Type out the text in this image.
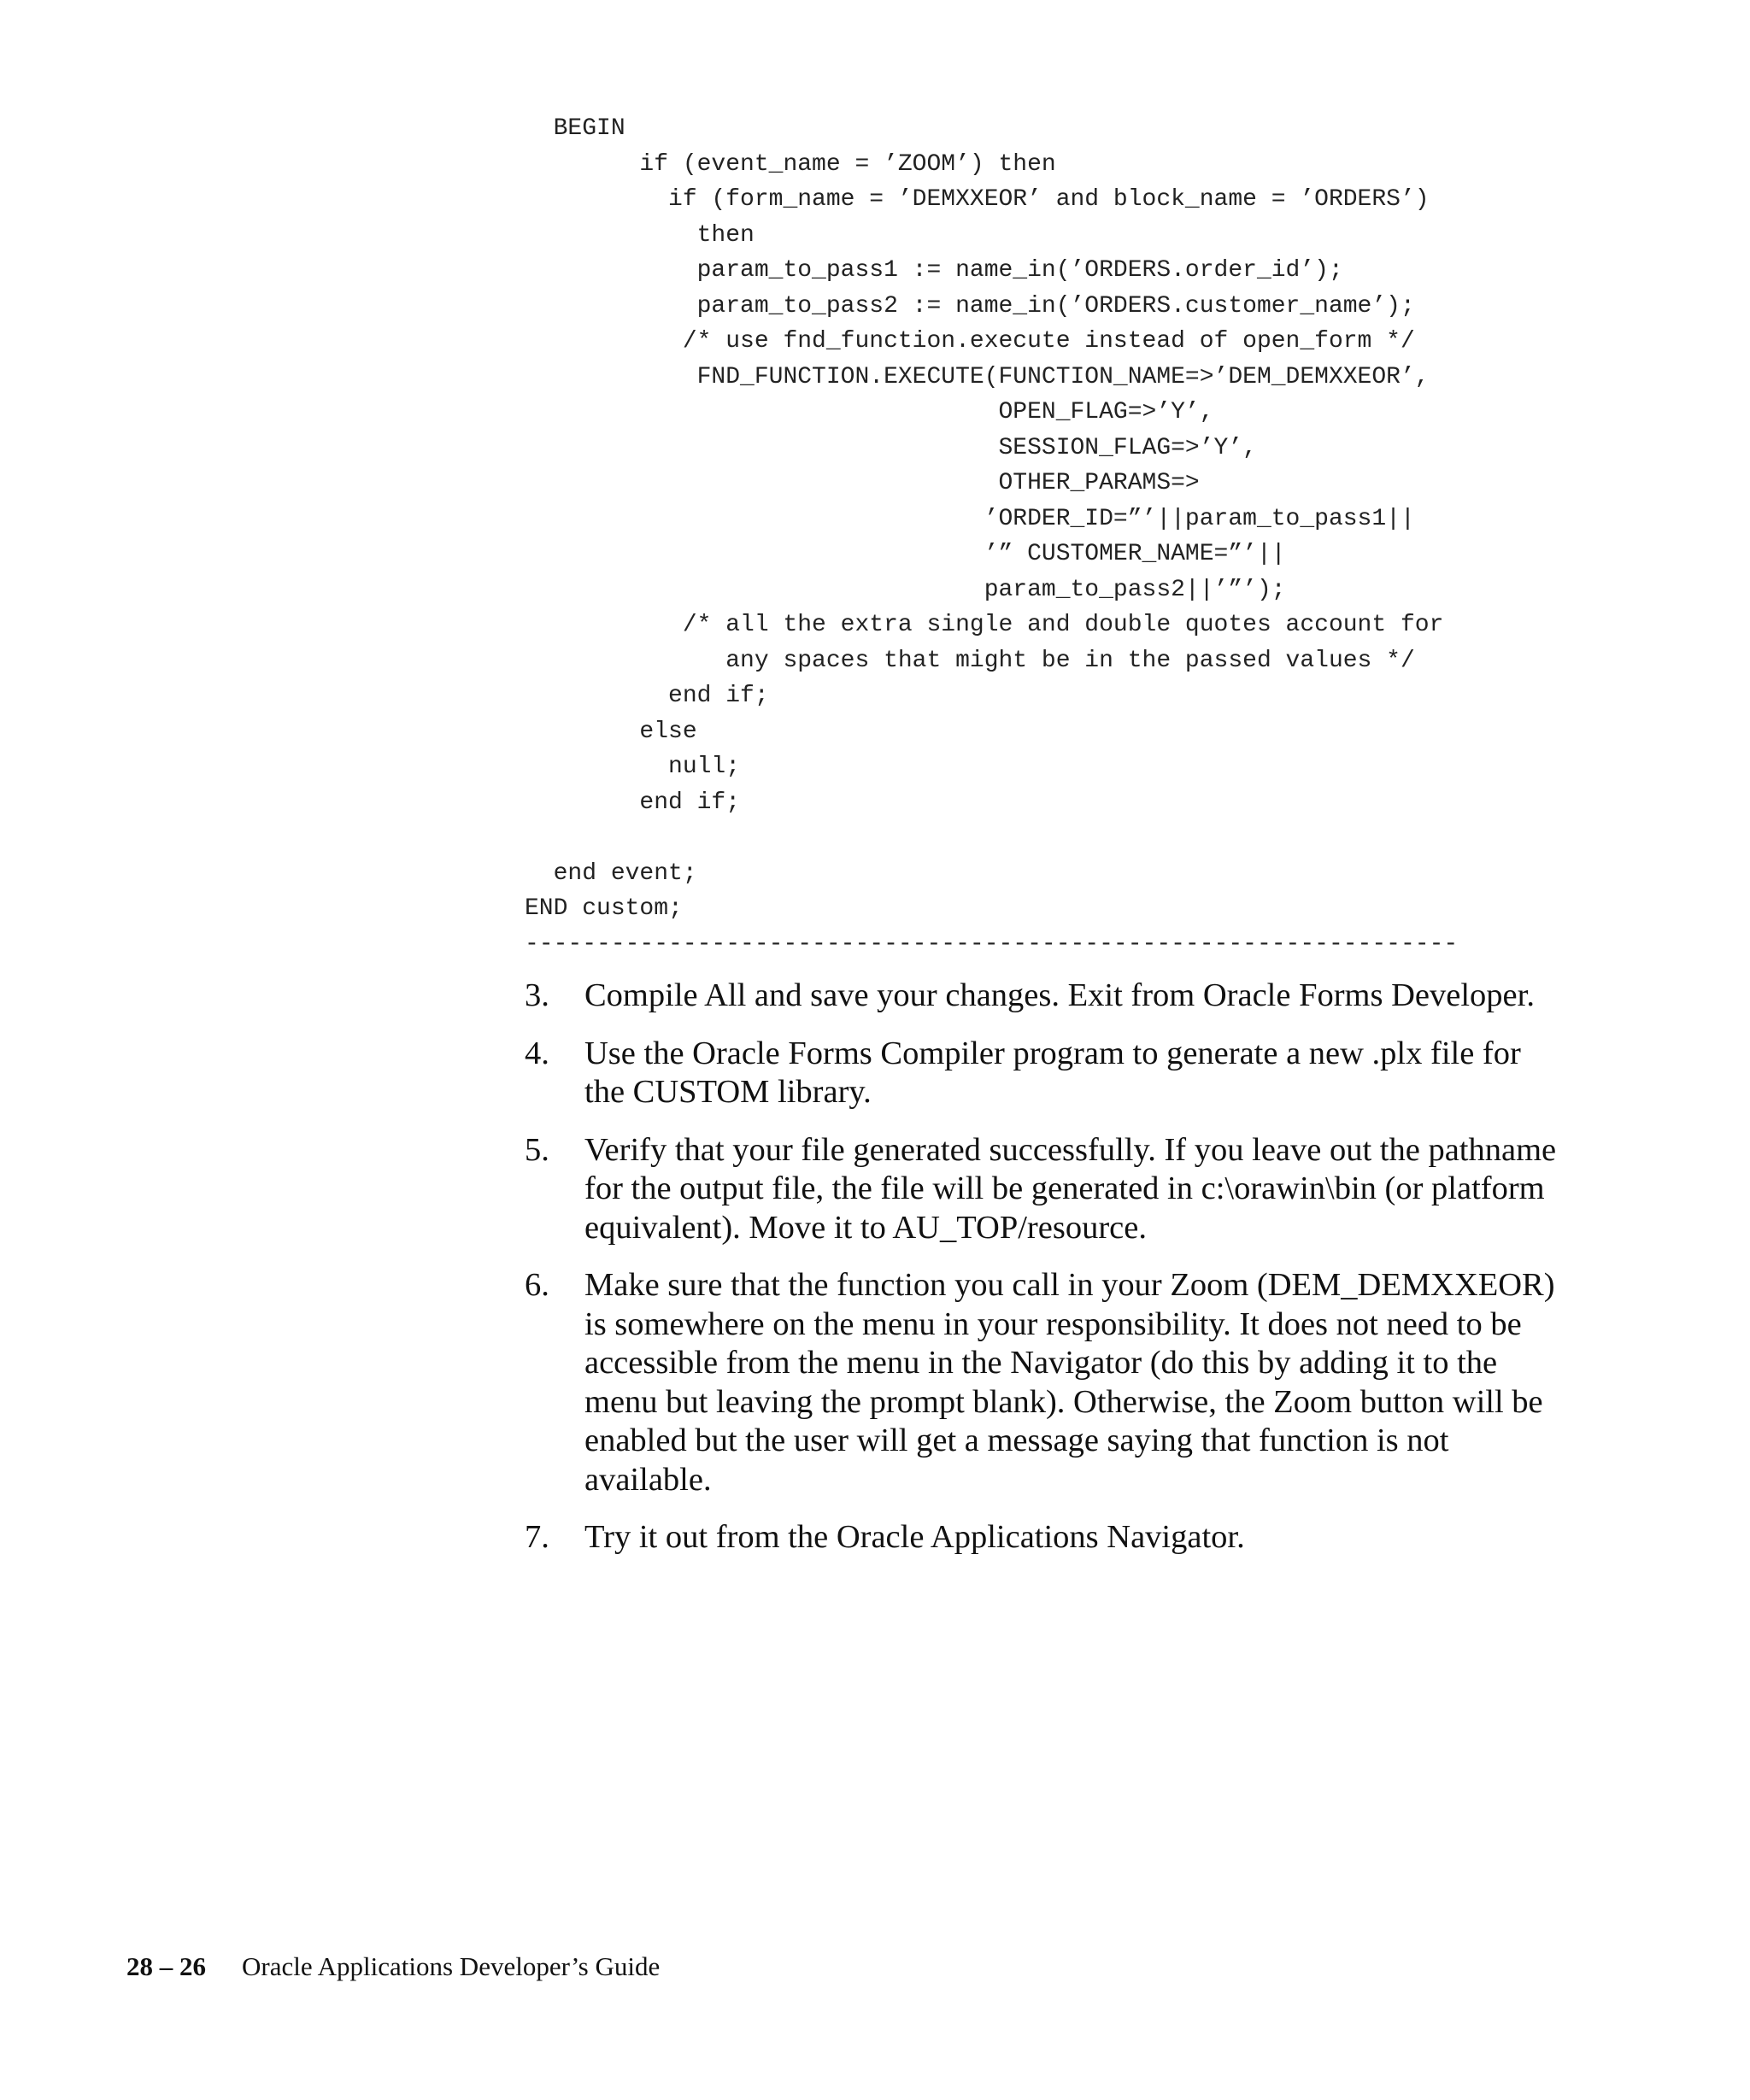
BEGIN
if (event_name = ’ZOOM’) then
if (form_name = ’DEMXXEOR’ and block_name = ’ORDERS’)
then
param_to_pass1 := name_in(’ORDERS.order_id’);
param_to_pass2 := name_in(’ORDERS.customer_name’);
/* use fnd_function.execute instead of open_form */
FND_FUNCTION.EXECUTE(FUNCTION_NAME=>’DEM_DEMXXEOR’,
OPEN_FLAG=>’Y’,
SESSION_FLAG=>’Y’,
OTHER_PARAMS=>
’ORDER_ID=”’||param_to_pass1||
’” CUSTOMER_NAME=”’||
param_to_pass2||’”’);
/* all the extra single and double quotes account for
any spaces that might be in the passed values */
end if;
else
null;
end if;
end event;
END custom;
-----------------------------------------------------------------
3. Compile All and save your changes. Exit from Oracle Forms Developer.
4. Use the Oracle Forms Compiler program to generate a new .plx file for the CUSTOM library.
5. Verify that your file generated successfully. If you leave out the pathname for the output file, the file will be generated in c:\orawin\bin (or platform equivalent). Move it to AU_TOP/resource.
6. Make sure that the function you call in your Zoom (DEM_DEMXXEOR) is somewhere on the menu in your responsibility. It does not need to be accessible from the menu in the Navigator (do this by adding it to the menu but leaving the prompt blank). Otherwise, the Zoom button will be enabled but the user will get a message saying that function is not available.
7. Try it out from the Oracle Applications Navigator.
28 – 26 Oracle Applications Developer’s Guide
